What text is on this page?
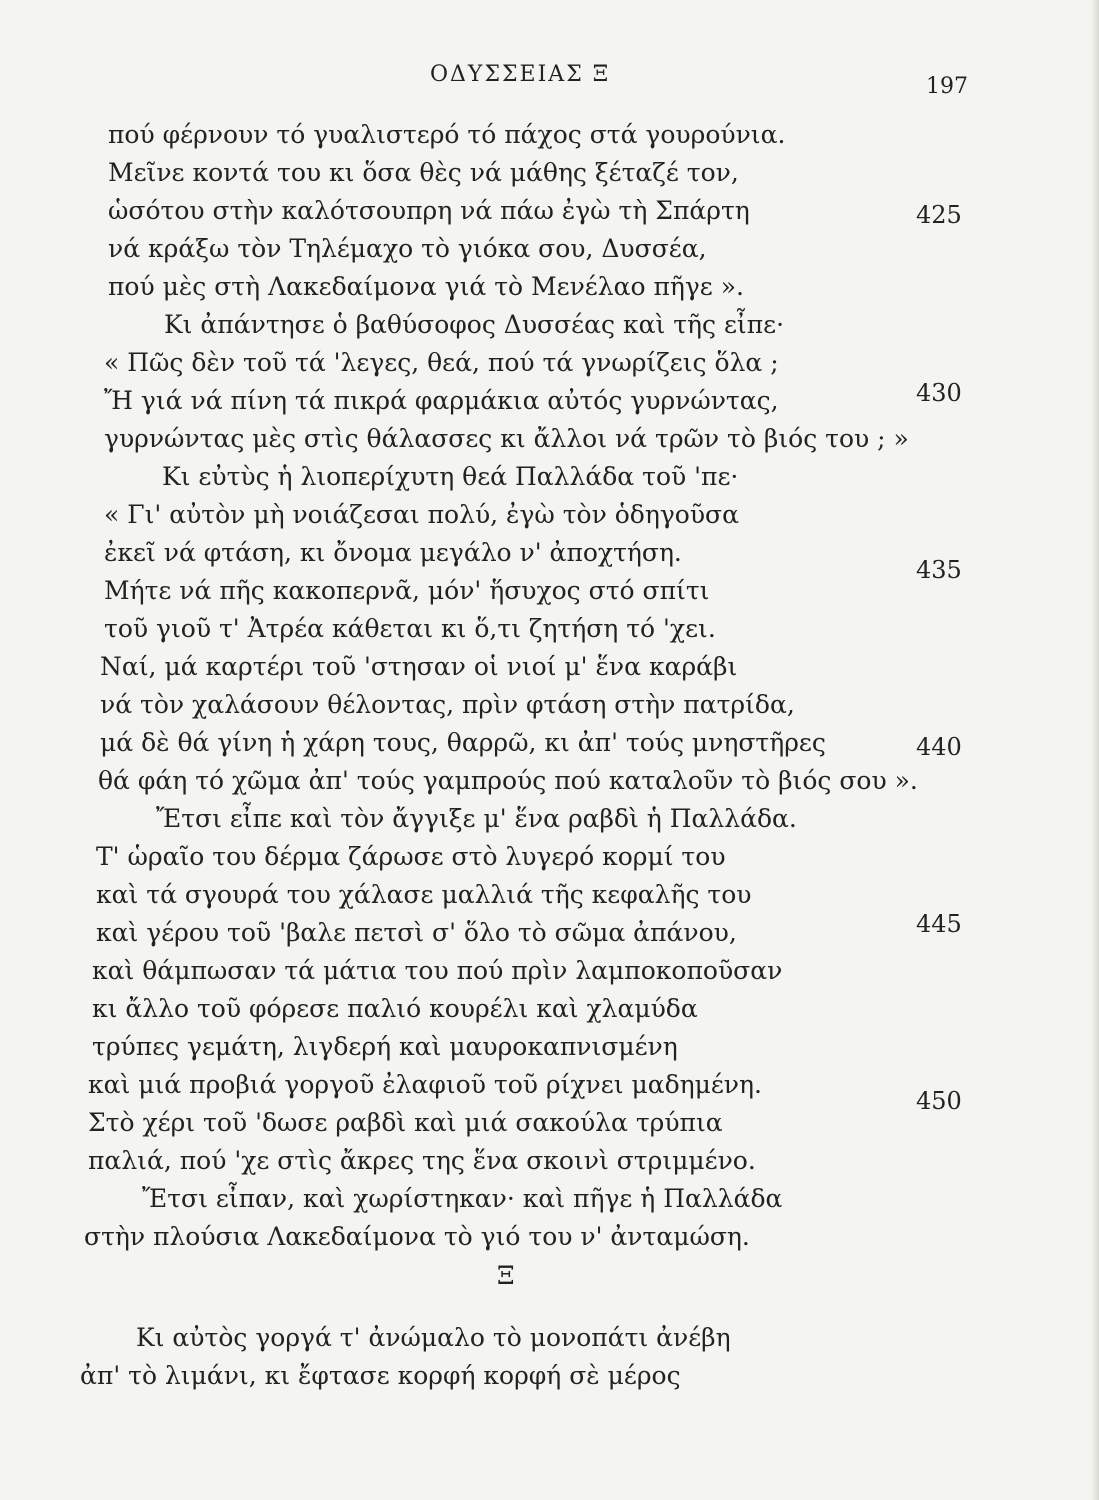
ΟΔΥΣΣΕΙΑΣ Ξ	197
πού φέρνουν τό γυαλιστερό τό πάχος στά γουρούνια.
Μεῖνε κοντά του κι ὅσα θὲς νά μάθης ξέταζέ τον,
ὡσότου στὴν καλότσουπρη νά πάω ἐγὼ τὴ Σπάρτη
νά κράξω τὸν Τηλέμαχο τὸ γιόκα σου, Δυσσέα,
πού μὲς στὴ Λακεδαίμονα γιά τὸ Μενέλαο πῆγε ».
Κι ἀπάντησε ὁ βαθύσοφος Δυσσέας καὶ τῆς εἶπε·
« Πῶς δὲν τοῦ τά 'λεγες, θεά, πού τά γνωρίζεις ὅλα ;
Ἤ γιά νά πίνη τά πικρά φαρμάκια αὐτός γυρνώντας,
γυρνώντας μὲς στὶς θάλασσες κι ἄλλοι νά τρῶν τὸ βιός του ; »
Κι εὐτὺς ἡ λιοπερίχυτη θεά Παλλάδα τοῦ 'πε·
« Γι' αὐτὸν μὴ νοιάζεσαι πολύ, ἐγὼ τὸν ὁδηγοῦσα
ἐκεῖ νά φτάση, κι ὄνομα μεγάλο ν' ἀποχτήση.
Μήτε νά πῆς κακοπερνᾶ, μόν' ἥσυχος στό σπίτι
τοῦ γιοῦ τ' Ἀτρέα κάθεται κι ὅ,τι ζητήση τό 'χει.
Ναί, μά καρτέρι τοῦ 'στησαν οἱ νιοί μ' ἕνα καράβι
νά τὸν χαλάσουν θέλοντας, πρὶν φτάση στὴν πατρίδα,
μά δὲ θά γίνη ἡ χάρη τους, θαρρῶ, κι ἀπ' τούς μνηστῆρες
θά φάη τό χῶμα ἀπ' τούς γαμπρούς πού καταλοῦν τὸ βιός σου ».
Ἔτσι εἶπε καὶ τὸν ἄγγιξε μ' ἕνα ραβδὶ ἡ Παλλάδα.
Τ' ὡραῖο του δέρμα ζάρωσε στὸ λυγερό κορμί του
καὶ τά σγουρά του χάλασε μαλλιά τῆς κεφαλῆς του
καὶ γέρου τοῦ 'βαλε πετσὶ σ' ὅλο τὸ σῶμα ἀπάνου,
καὶ θάμπωσαν τά μάτια του πού πρὶν λαμποκοποῦσαν
κι ἄλλο τοῦ φόρεσε παλιό κουρέλι καὶ χλαμύδα
τρύπες γεμάτη, λιγδερή καὶ μαυροκαπνισμένη
καὶ μιά προβιά γοργοῦ ἐλαφιοῦ τοῦ ρίχνει μαδημένη.
Στὸ χέρι τοῦ 'δωσε ραβδὶ καὶ μιά σακούλα τρύπια
παλιά, πού 'χε στὶς ἄκρες της ἕνα σκοινὶ στριμμένο.
Ἔτσι εἶπαν, καὶ χωρίστηκαν· καὶ πῆγε ἡ Παλλάδα
στὴν πλούσια Λακεδαίμονα τὸ γιό του ν' ἀνταμώση.
425
430
435
440
445
450
Ξ
Κι αὐτὸς γοργά τ' ἀνώμαλο τὸ μονοπάτι ἀνέβη
ἀπ' τὸ λιμάνι, κι ἔφτασε κορφή κορφή σὲ μέρος
